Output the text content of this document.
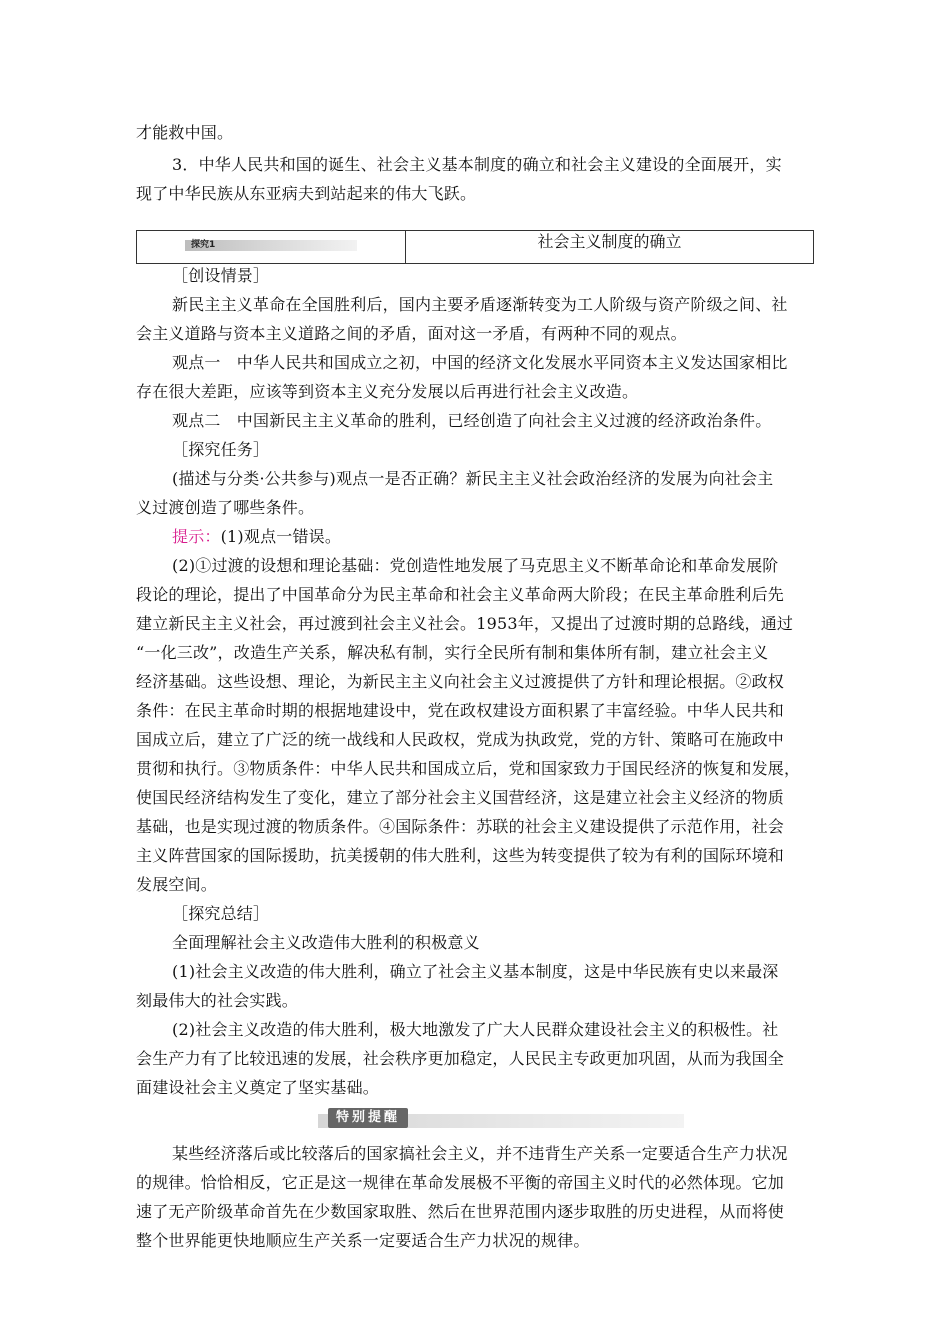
才能救中国。
3．中华人民共和国的诞生、社会主义基本制度的确立和社会主义建设的全面展开，实
现了中华民族从东亚病夫到站起来的伟大飞跃。
探究1	社会主义制度的确立
［创设情景］
新民主主义革命在全国胜利后，国内主要矛盾逐渐转变为工人阶级与资产阶级之间、社
会主义道路与资本主义道路之间的矛盾，面对这一矛盾，有两种不同的观点。
观点一　中华人民共和国成立之初，中国的经济文化发展水平同资本主义发达国家相比
存在很大差距，应该等到资本主义充分发展以后再进行社会主义改造。
观点二　中国新民主主义革命的胜利，已经创造了向社会主义过渡的经济政治条件。
［探究任务］
(描述与分类·公共参与)观点一是否正确？新民主主义社会政治经济的发展为向社会主
义过渡创造了哪些条件。
提示：(1)观点一错误。
(2)①过渡的设想和理论基础：党创造性地发展了马克思主义不断革命论和革命发展阶
段论的理论，提出了中国革命分为民主革命和社会主义革命两大阶段；在民主革命胜利后先
建立新民主主义社会，再过渡到社会主义社会。1953年，又提出了过渡时期的总路线，通过
“一化三改”，改造生产关系，解决私有制，实行全民所有制和集体所有制，建立社会主义
经济基础。这些设想、理论，为新民主主义向社会主义过渡提供了方针和理论根据。②政权
条件：在民主革命时期的根据地建设中，党在政权建设方面积累了丰富经验。中华人民共和
国成立后，建立了广泛的统一战线和人民政权，党成为执政党，党的方针、策略可在施政中
贯彻和执行。③物质条件：中华人民共和国成立后，党和国家致力于国民经济的恢复和发展，
使国民经济结构发生了变化，建立了部分社会主义国营经济，这是建立社会主义经济的物质
基础，也是实现过渡的物质条件。④国际条件：苏联的社会主义建设提供了示范作用，社会
主义阵营国家的国际援助，抗美援朝的伟大胜利，这些为转变提供了较为有利的国际环境和
发展空间。
［探究总结］
全面理解社会主义改造伟大胜利的积极意义
(1)社会主义改造的伟大胜利，确立了社会主义基本制度，这是中华民族有史以来最深
刻最伟大的社会实践。
(2)社会主义改造的伟大胜利，极大地激发了广大人民群众建设社会主义的积极性。社
会生产力有了比较迅速的发展，社会秩序更加稳定，人民民主专政更加巩固，从而为我国全
面建设社会主义奠定了坚实基础。
特别提醒
某些经济落后或比较落后的国家搞社会主义，并不违背生产关系一定要适合生产力状况
的规律。恰恰相反，它正是这一规律在革命发展极不平衡的帝国主义时代的必然体现。它加
速了无产阶级革命首先在少数国家取胜、然后在世界范围内逐步取胜的历史进程，从而将使
整个世界能更快地顺应生产关系一定要适合生产力状况的规律。
